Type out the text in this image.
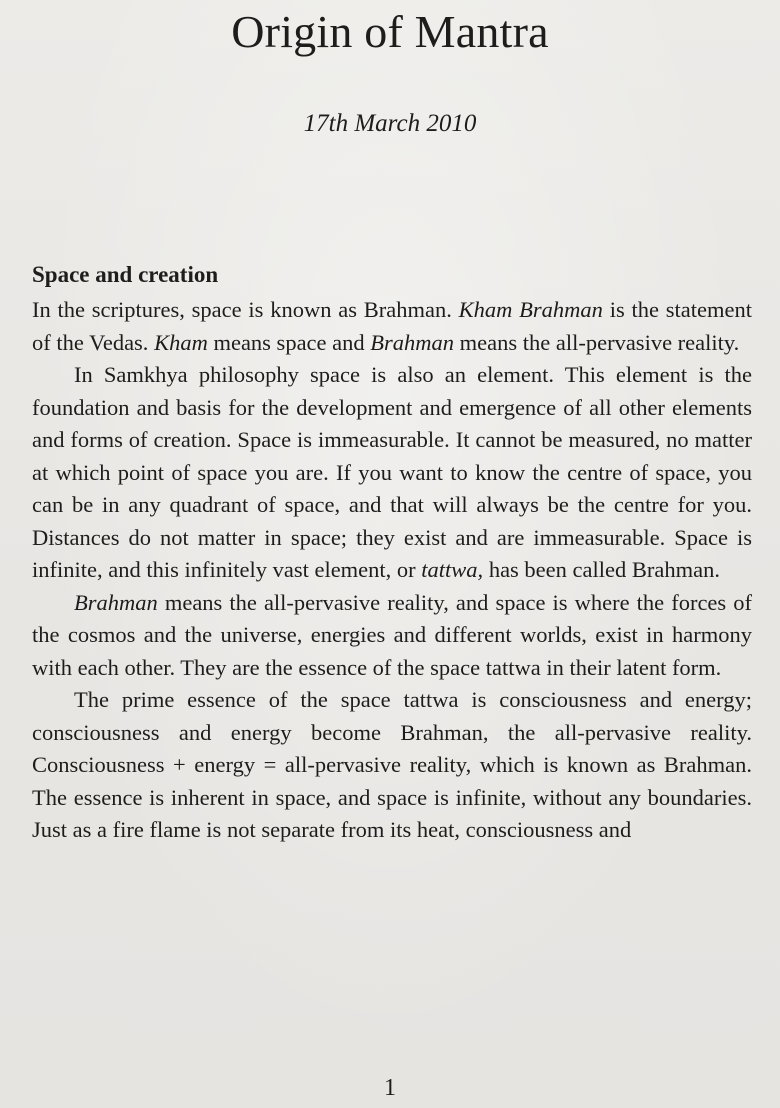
Origin of Mantra
17th March 2010
Space and creation

In the scriptures, space is known as Brahman. Kham Brahman is the statement of the Vedas. Kham means space and Brahman means the all-pervasive reality.

In Samkhya philosophy space is also an element. This element is the foundation and basis for the development and emergence of all other elements and forms of creation. Space is immeasurable. It cannot be measured, no matter at which point of space you are. If you want to know the centre of space, you can be in any quadrant of space, and that will always be the centre for you. Distances do not matter in space; they exist and are immeasurable. Space is infinite, and this infinitely vast element, or tattwa, has been called Brahman.

Brahman means the all-pervasive reality, and space is where the forces of the cosmos and the universe, energies and different worlds, exist in harmony with each other. They are the essence of the space tattwa in their latent form.

The prime essence of the space tattwa is consciousness and energy; consciousness and energy become Brahman, the all-pervasive reality. Consciousness + energy = all-pervasive reality, which is known as Brahman. The essence is inherent in space, and space is infinite, without any boundaries. Just as a fire flame is not separate from its heat, consciousness and

1
